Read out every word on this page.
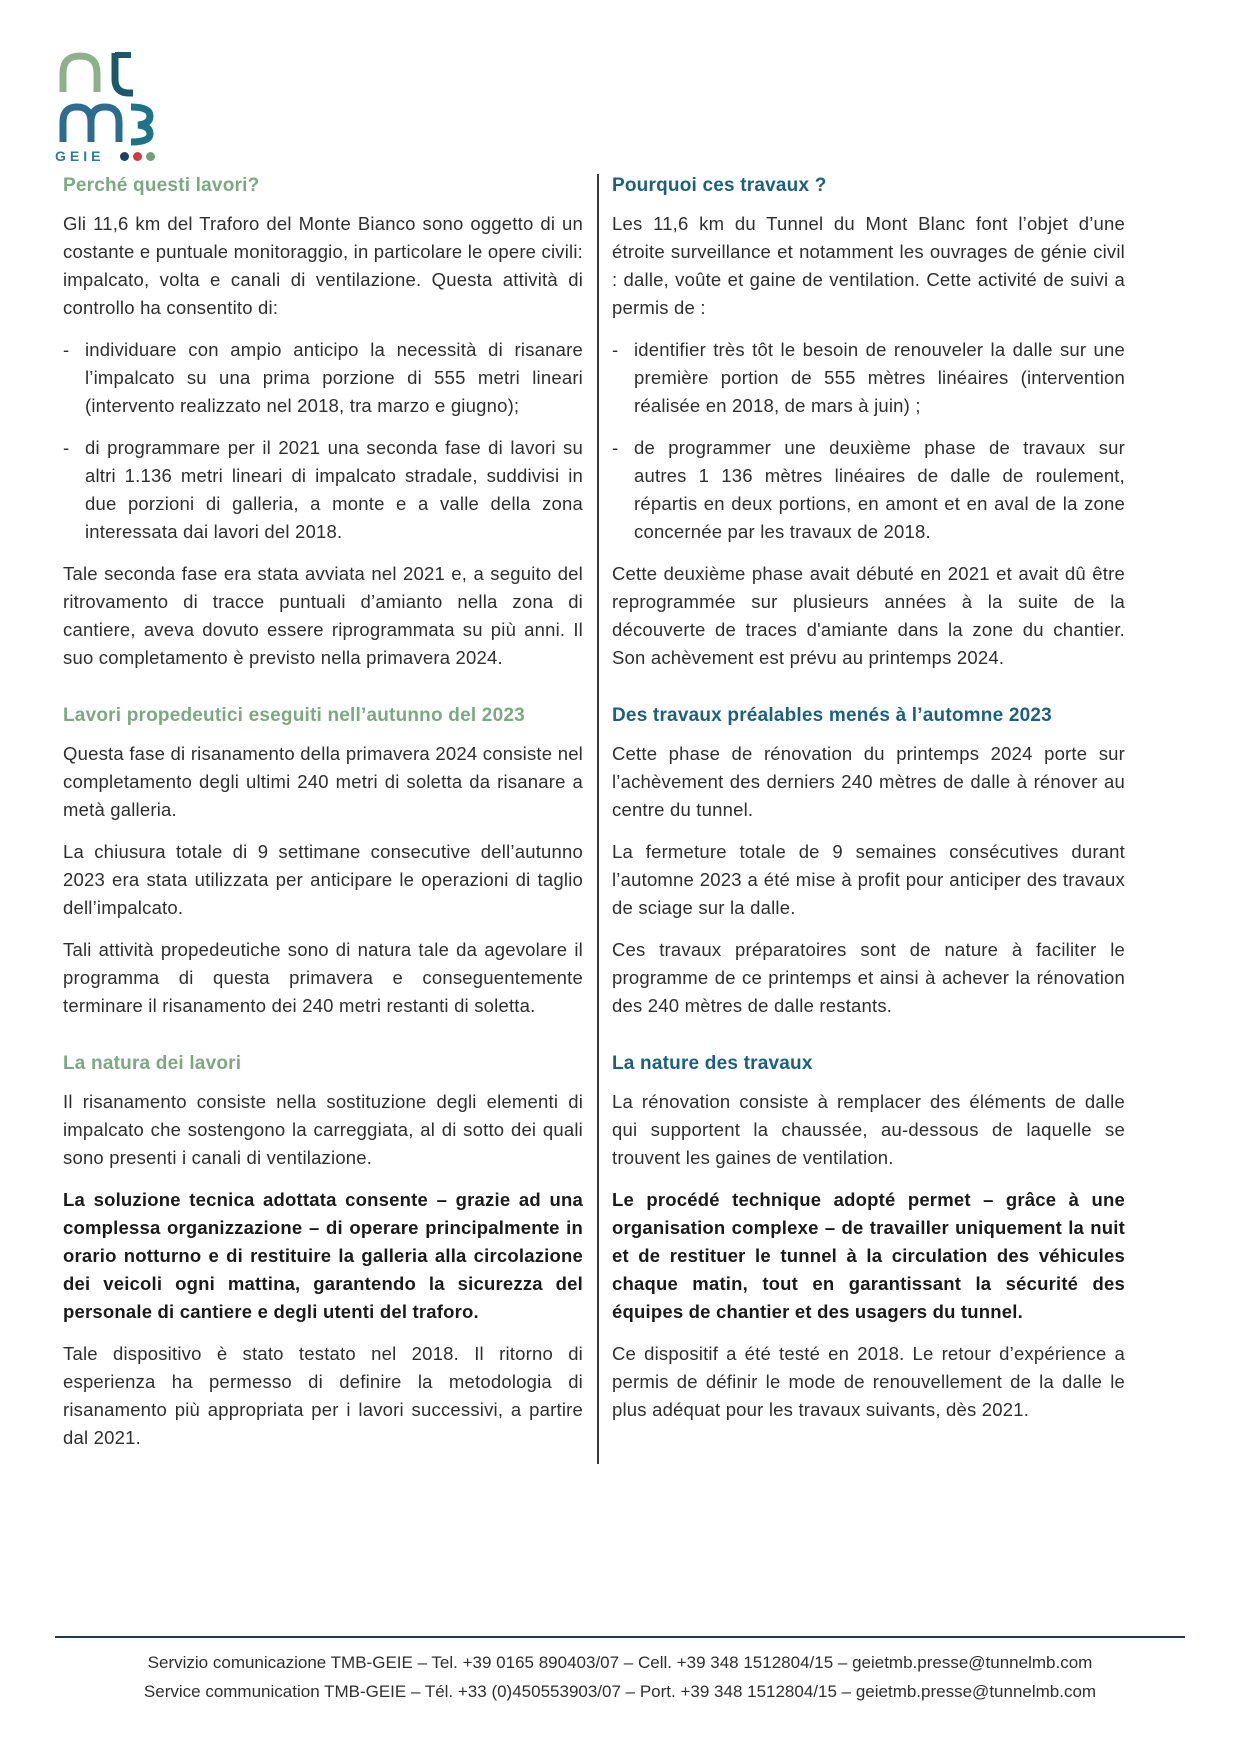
GEIE

Perché questi lavori?	Pourquoi ces travaux ?

Gli 11,6 km del Traforo del Monte Bianco sono oggetto di un costante e puntuale monitoraggio, in particolare le opere civili: impalcato, volta e canali di ventilazione. Questa attività di controllo ha consentito di:

Les 11,6 km du Tunnel du Mont Blanc font l’objet d’une étroite surveillance et notamment les ouvrages de génie civil : dalle, voûte et gaine de ventilation. Cette activité de suivi a permis de :

- individuare con ampio anticipo la necessità di risanare l’impalcato su una prima porzione di 555 metri lineari (intervento realizzato nel 2018, tra marzo e giugno);

- identifier très tôt le besoin de renouveler la dalle sur une première portion de 555 mètres linéaires (intervention réalisée en 2018, de mars à juin) ;

- di programmare per il 2021 una seconda fase di lavori su altri 1.136 metri lineari di impalcato stradale, suddivisi in due porzioni di galleria, a monte e a valle della zona interessata dai lavori del 2018.

- de programmer une deuxième phase de travaux sur autres 1 136 mètres linéaires de dalle de roulement, répartis en deux portions, en amont et en aval de la zone concernée par les travaux de 2018.

Tale seconda fase era stata avviata nel 2021 e, a seguito del ritrovamento di tracce puntuali d’amianto nella zona di cantiere, aveva dovuto essere riprogrammata su più anni. Il suo completamento è previsto nella primavera 2024.

Cette deuxième phase avait débuté en 2021 et avait dû être reprogrammée sur plusieurs années à la suite de la découverte de traces d'amiante dans la zone du chantier. Son achèvement est prévu au printemps 2024.

Lavori propedeutici eseguiti nell’autunno del 2023	Des travaux préalables menés à l’automne 2023

Questa fase di risanamento della primavera 2024 consiste nel completamento degli ultimi 240 metri di soletta da risanare a metà galleria.

Cette phase de rénovation du printemps 2024 porte sur l’achèvement des derniers 240 mètres de dalle à rénover au centre du tunnel.

La chiusura totale di 9 settimane consecutive dell’autunno 2023 era stata utilizzata per anticipare le operazioni di taglio dell’impalcato.

La fermeture totale de 9 semaines consécutives durant l’automne 2023 a été mise à profit pour anticiper des travaux de sciage sur la dalle.

Tali attività propedeutiche sono di natura tale da agevolare il programma di questa primavera e conseguentemente terminare il risanamento dei 240 metri restanti di soletta.

Ces travaux préparatoires sont de nature à faciliter le programme de ce printemps et ainsi à achever la rénovation des 240 mètres de dalle restants.

La natura dei lavori	La nature des travaux

Il risanamento consiste nella sostituzione degli elementi di impalcato che sostengono la carreggiata, al di sotto dei quali sono presenti i canali di ventilazione.

La rénovation consiste à remplacer des éléments de dalle qui supportent la chaussée, au-dessous de laquelle se trouvent les gaines de ventilation.

La soluzione tecnica adottata consente – grazie ad una complessa organizzazione – di operare principalmente in orario notturno e di restituire la galleria alla circolazione dei veicoli ogni mattina, garantendo la sicurezza del personale di cantiere e degli utenti del traforo.

Le procédé technique adopté permet – grâce à une organisation complexe – de travailler uniquement la nuit et de restituer le tunnel à la circulation des véhicules chaque matin, tout en garantissant la sécurité des équipes de chantier et des usagers du tunnel.

Tale dispositivo è stato testato nel 2018. Il ritorno di esperienza ha permesso di definire la metodologia di risanamento più appropriata per i lavori successivi, a partire dal 2021.

Ce dispositif a été testé en 2018. Le retour d’expérience a permis de définir le mode de renouvellement de la dalle le plus adéquat pour les travaux suivants, dès 2021.

Servizio comunicazione TMB-GEIE – Tel. +39 0165 890403/07 – Cell. +39 348 1512804/15 – geietmb.presse@tunnelmb.com
Service communication TMB-GEIE – Tél. +33 (0)450553903/07 – Port. +39 348 1512804/15 – geietmb.presse@tunnelmb.com
